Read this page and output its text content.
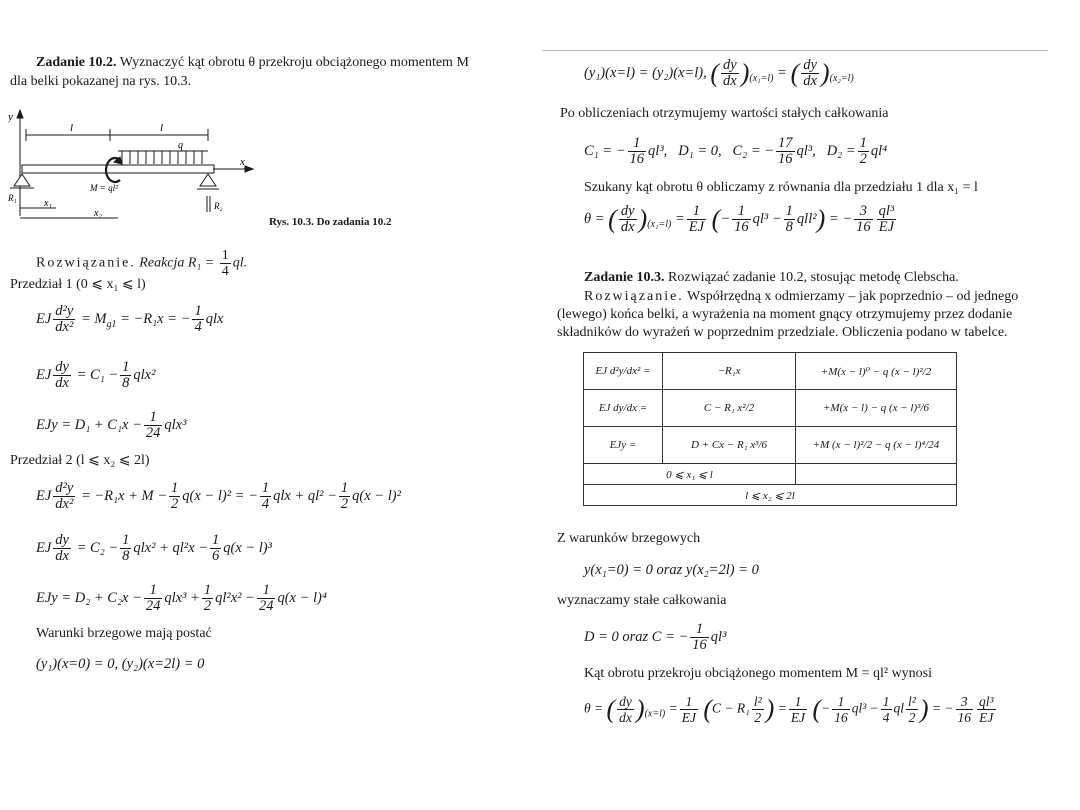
Zadanie 10.2. Wyznaczyć kąt obrotu θ przekroju obciążonego momentem M
dla belki pokazanej na rys. 10.3.
y
x
l	l
q
M = ql²
R₁
R₂
x₁
x₂
Rys. 10.3. Do zadania 10.2
Rozwiązanie. Reakcja $R_1 = \frac{1}{4}$ ql.
Przedział 1 (0 ⩽ x₁ ⩽ l)
EJ $\frac{\text{d²y}}{\text{dx²}} = M_{g1} = -R_1x$ = − $\frac{1}{4}$ qlx
EJ $\frac{dy}{dx} = C_1 - \frac{1}{8} qlx^2$
EJy = $D_1 + C_1x - \frac{1}{24} qlx^3$
Przedział 2 (l ⩽ x₂ ⩽ 2l)
EJ $\frac{\text{d²y}}{\text{dx²}} = -R_1x + M - \frac{1}{2} q(x - l)^2$ = − $\frac{1}{4}$ qlx + $ql^2 - \frac{1}{2} q(x - l)^2$
EJ $\frac{dy}{dx} = C_2 - \frac{1}{8} qlx^2 + ql^2x - \frac{1}{6} q(x - l)^3$
EJy = $D_2 + C_2x - \frac{1}{24} qlx^3 + \frac{1}{2} ql^2x^2 - \frac{1}{24} q(x - l)^4$
Warunki brzegowe mają postać
(y₁)(x=0) = 0, (y₂)(x=2l) = 0
(y₁)(x=l) = (y₂)(x=l), ( $\frac{dy}{dx} )_{(x_1=l)}$ = ( $\frac{dy}{dx} )_{(x_2=l)}$
Po obliczeniach otrzymujemy wartości stałych całkowania
C₁ = − $\frac{1}{16} ql^3$, D₁ = 0, C₂ = − $\frac{17}{16} ql^3$, $D_2 = \frac{1}{2} ql^4$
Szukany kąt obrotu θ obliczamy z równania dla przedziału 1 dla x₁ = l
θ = ( $\frac{dy}{dx} )_{(x_1=l)} = \frac{1}{EJ}$ (− $\frac{1}{16} ql^3 - \frac{1}{8} qll^2$) = − $\frac{3}{16} \frac{\text{ql³}}{EJ}$
Zadanie 10.3. Rozwiązać zadanie 10.2, stosując metodę Clebscha.
Rozwiązanie. Współrzędną x odmierzamy – jak poprzednio – od jednego
(lewego) końca belki, a wyrażenia na moment gnący otrzymujemy przez dodanie
składników do wyrażeń w poprzednim przedziale. Obliczenia podano w tabelce.
Z warunków brzegowych
y(x₁=0) = 0 oraz y(x₂=2l) = 0
wyznaczamy stałe całkowania
D = 0 oraz C = − $\frac{1}{16} ql^3$
Kąt obrotu przekroju obciążonego momentem M = ql² wynosi
θ = ( $\frac{dy}{dx} )_{(x=l)} = \frac{1}{EJ} (C - R_1 \frac{\text{l²}}{2}$ ) = $\frac{1}{EJ}$ (− $\frac{1}{16} ql^3 - \frac{1}{4}$ ql $\frac{\text{l²}}{2}$ ) = − $\frac{3}{16} \frac{\text{ql³}}{EJ}$
EJ d²y/dx² =	−R₁x	+M(x − l)⁰ − q (x − l)²/2
EJ dy/dx =	C − R₁ x²/2	+M(x − l) − q (x − l)³/6
EJy =	D + Cx − R₁ x³/6	+M (x − l)²/2 − q (x − l)⁴/24
0 ⩽ x₁ ⩽ l		
l ⩽ x₂ ⩽ 2l		
